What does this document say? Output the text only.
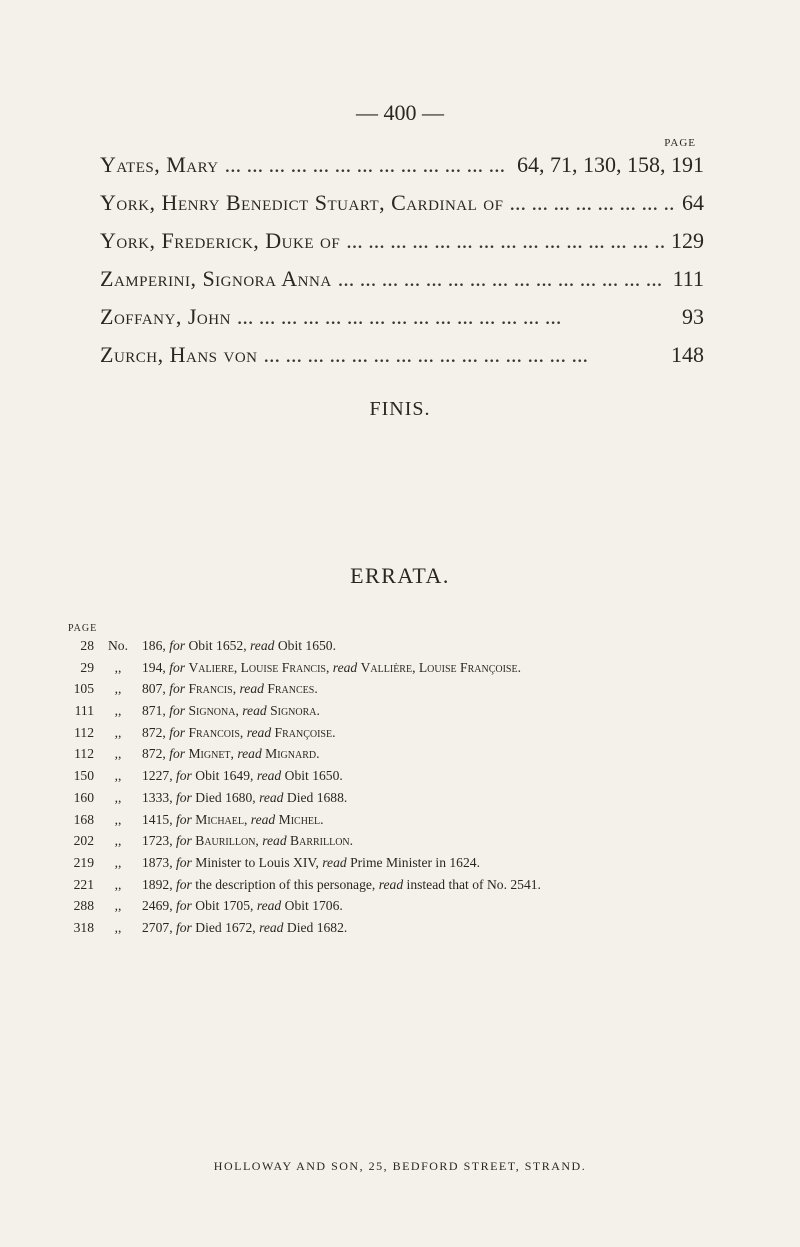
— 400 —
PAGE
Yates, Mary ... .	64, 71, 130, 158, 191
York, Henry Benedict Stuart, Cardinal of ... .	64
York, Frederick, Duke of ... .	129
Zamperini, Signora Anna ... .	111
Zoffany, John ... .	93
Zurch, Hans von ... .	148
FINIS.
ERRATA.
PAGE
28	No.	186, for Obit 1652, read Obit 1650.
29	,,	194, for Valiere, Louise Francis, read Vallière, Louise Françoise.
105	,,	807, for Francis, read Frances.
111	,,	871, for Signona, read Signora.
112	,,	872, for Francois, read Françoise.
112	,,	872, for Mignet, read Mignard.
150	,,	1227, for Obit 1649, read Obit 1650.
160	,,	1333, for Died 1680, read Died 1688.
168	,,	1415, for Michael, read Michel.
202	,,	1723, for Baurillon, read Barrillon.
219	,,	1873, for Minister to Louis XIV, read Prime Minister in 1624.
221	,,	1892, for the description of this personage, read instead that of No. 2541.
288	,,	2469, for Obit 1705, read Obit 1706.
318	,,	2707, for Died 1672, read Died 1682.
HOLLOWAY AND SON, 25, BEDFORD STREET, STRAND.
